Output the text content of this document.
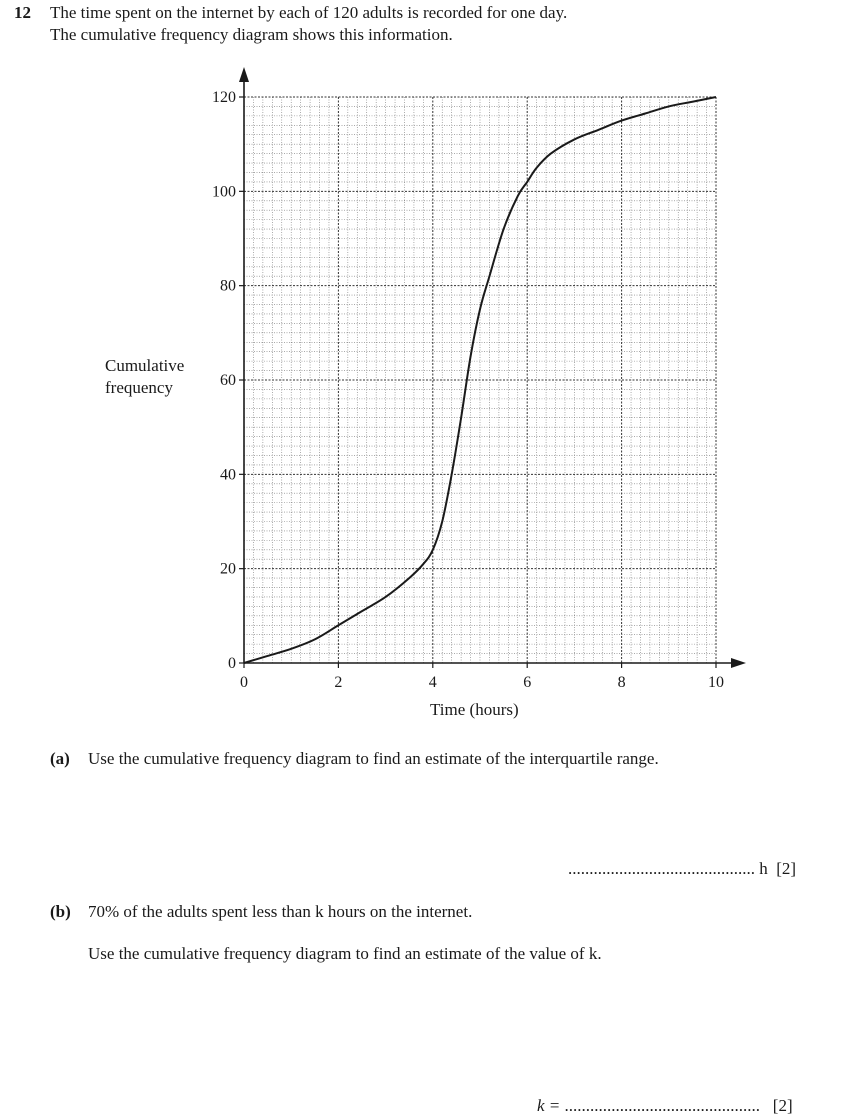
12 The time spent on the internet by each of 120 adults is recorded for one day.
The cumulative frequency diagram shows this information.
0
20
40
60
80
100
120
0	2	4	6	8	10
Cumulative
frequency
Time (hours)
(a) Use the cumulative frequency diagram to find an estimate of the interquartile range.
............................................ h [2]
(b) 70% of the adults spent less than k hours on the internet.
Use the cumulative frequency diagram to find an estimate of the value of k.
k = .............................................. [2]
